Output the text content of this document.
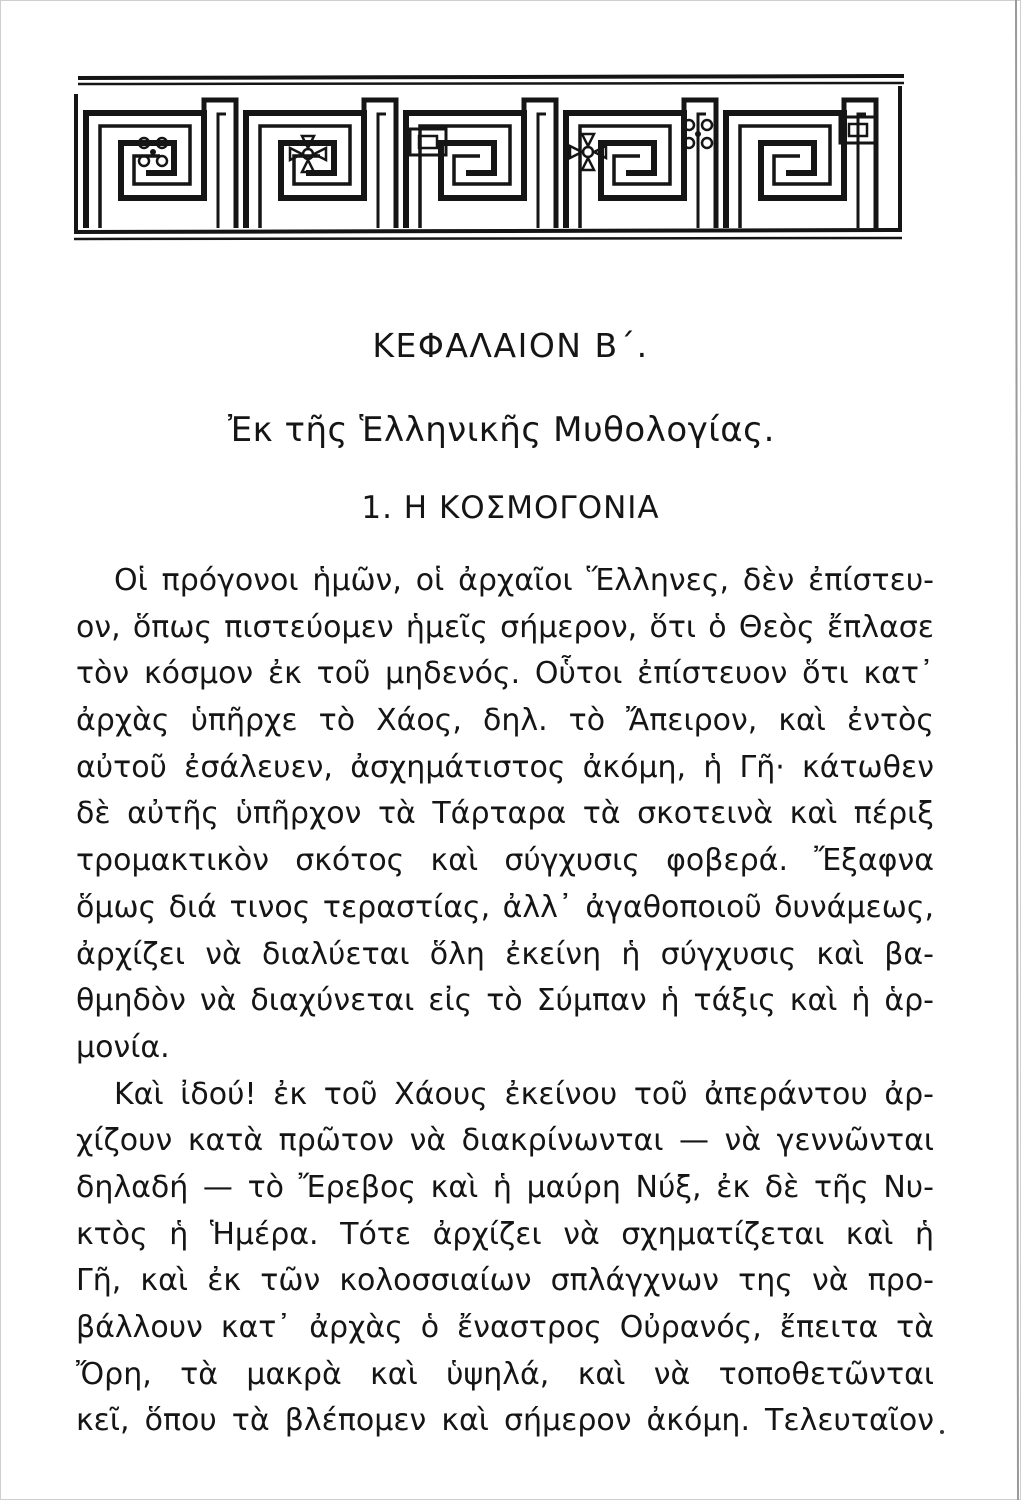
ΚΕΦΑΛΑΙΟΝ Β΄.
Ἐκ τῆς Ἑλληνικῆς Μυθολογίας.
1. Η ΚΟΣΜΟΓΟΝΙΑ
Οἱ πρόγονοι ἡμῶν, οἱ ἀρχαῖοι Ἕλληνες, δὲν ἐπίστευ-
ον, ὅπως πιστεύομεν ἡμεῖς σήμερον, ὅτι ὁ Θεὸς ἔπλασε
τὸν κόσμον ἐκ τοῦ μηδενός. Οὗτοι ἐπίστευον ὅτι κατ᾽
ἀρχὰς ὑπῆρχε τὸ Χάος, δηλ. τὸ Ἄπειρον, καὶ ἐντὸς
αὐτοῦ ἐσάλευεν, ἀσχημάτιστος ἀκόμη, ἡ Γῆ· κάτωθεν
δὲ αὐτῆς ὑπῆρχον τὰ Τάρταρα τὰ σκοτεινὰ καὶ πέριξ
τρομακτικὸν σκότος καὶ σύγχυσις φοβερά. Ἔξαφνα
ὅμως διά τινος τεραστίας, ἀλλ᾽ ἀγαθοποιοῦ δυνάμεως,
ἀρχίζει νὰ διαλύεται ὅλη ἐκείνη ἡ σύγχυσις καὶ βα-
θμηδὸν νὰ διαχύνεται εἰς τὸ Σύμπαν ἡ τάξις καὶ ἡ ἁρ-
μονία.
Καὶ ἰδού! ἐκ τοῦ Χάους ἐκείνου τοῦ ἀπεράντου ἀρ-
χίζουν κατὰ πρῶτον νὰ διακρίνωνται — νὰ γεννῶνται
δηλαδή — τὸ Ἔρεβος καὶ ἡ μαύρη Νύξ, ἐκ δὲ τῆς Νυ-
κτὸς ἡ Ἡμέρα. Τότε ἀρχίζει νὰ σχηματίζεται καὶ ἡ
Γῆ, καὶ ἐκ τῶν κολοσσιαίων σπλάγχνων της νὰ προ-
βάλλουν κατ᾽ ἀρχὰς ὁ ἔναστρος Οὐρανός, ἔπειτα τὰ
Ὄρη, τὰ μακρὰ καὶ ὑψηλά, καὶ νὰ τοποθετῶνται
κεῖ, ὅπου τὰ βλέπομεν καὶ σήμερον ἀκόμη. Τελευταῖον
